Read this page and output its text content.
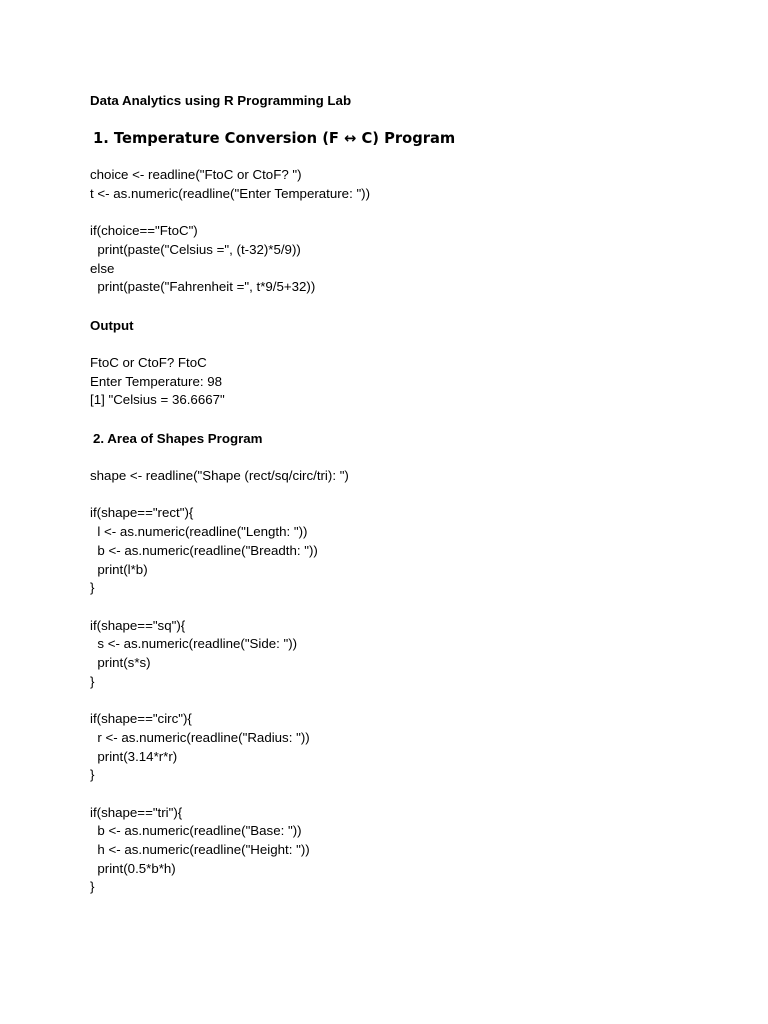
Data Analytics using R Programming Lab
1. Temperature Conversion (F ↔ C) Program
choice <- readline("FtoC or CtoF? ")
t <- as.numeric(readline("Enter Temperature: "))
if(choice=="FtoC")
print(paste("Celsius =", (t-32)*5/9))
else
print(paste("Fahrenheit =", t*9/5+32))
Output
FtoC or CtoF? FtoC
Enter Temperature: 98
[1] "Celsius = 36.6667"
2. Area of Shapes Program
shape <- readline("Shape (rect/sq/circ/tri): ")
if(shape=="rect"){
l <- as.numeric(readline("Length: "))
b <- as.numeric(readline("Breadth: "))
print(l*b)
}
if(shape=="sq"){
s <- as.numeric(readline("Side: "))
print(s*s)
}
if(shape=="circ"){
r <- as.numeric(readline("Radius: "))
print(3.14*r*r)
}
if(shape=="tri"){
b <- as.numeric(readline("Base: "))
h <- as.numeric(readline("Height: "))
print(0.5*b*h)
}
